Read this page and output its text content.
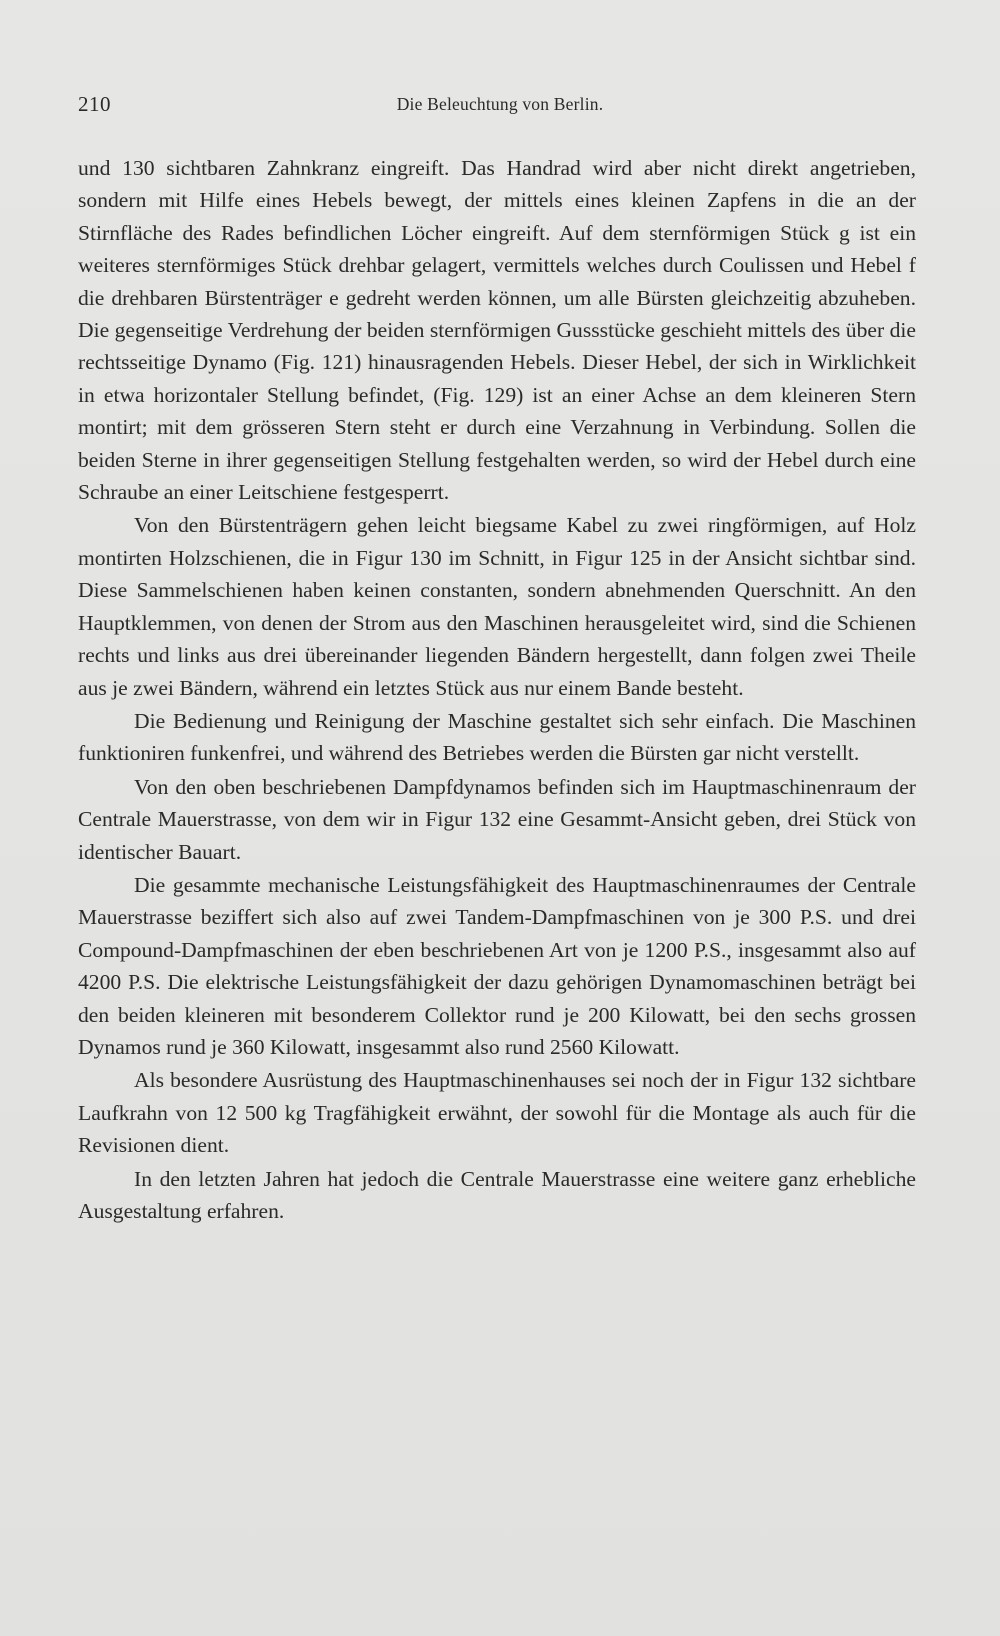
210	Die Beleuchtung von Berlin.

und 130 sichtbaren Zahnkranz eingreift. Das Handrad wird aber nicht direkt angetrieben, sondern mit Hilfe eines Hebels bewegt, der mittels eines kleinen Zapfens in die an der Stirnfläche des Rades befindlichen Löcher eingreift. Auf dem sternförmigen Stück g ist ein weiteres sternförmiges Stück drehbar gelagert, vermittels welches durch Coulissen und Hebel f die drehbaren Bürstenträger e gedreht werden können, um alle Bürsten gleichzeitig abzuheben. Die gegenseitige Verdrehung der beiden sternförmigen Gussstücke geschieht mittels des über die rechtsseitige Dynamo (Fig. 121) hinausragenden Hebels. Dieser Hebel, der sich in Wirklichkeit in etwa horizontaler Stellung befindet, (Fig. 129) ist an einer Achse an dem kleineren Stern montirt; mit dem grösseren Stern steht er durch eine Verzahnung in Verbindung. Sollen die beiden Sterne in ihrer gegenseitigen Stellung festgehalten werden, so wird der Hebel durch eine Schraube an einer Leitschiene festgesperrt.

Von den Bürstenträgern gehen leicht biegsame Kabel zu zwei ringförmigen, auf Holz montirten Holzschienen, die in Figur 130 im Schnitt, in Figur 125 in der Ansicht sichtbar sind. Diese Sammelschienen haben keinen constanten, sondern abnehmenden Querschnitt. An den Hauptklemmen, von denen der Strom aus den Maschinen herausgeleitet wird, sind die Schienen rechts und links aus drei übereinander liegenden Bändern hergestellt, dann folgen zwei Theile aus je zwei Bändern, während ein letztes Stück aus nur einem Bande besteht.

Die Bedienung und Reinigung der Maschine gestaltet sich sehr einfach. Die Maschinen funktioniren funkenfrei, und während des Betriebes werden die Bürsten gar nicht verstellt.

Von den oben beschriebenen Dampfdynamos befinden sich im Hauptmaschinenraum der Centrale Mauerstrasse, von dem wir in Figur 132 eine Gesammt-Ansicht geben, drei Stück von identischer Bauart.

Die gesammte mechanische Leistungsfähigkeit des Hauptmaschinenraumes der Centrale Mauerstrasse beziffert sich also auf zwei Tandem-Dampfmaschinen von je 300 P.S. und drei Compound-Dampfmaschinen der eben beschriebenen Art von je 1200 P.S., insgesammt also auf 4200 P.S. Die elektrische Leistungsfähigkeit der dazu gehörigen Dynamomaschinen beträgt bei den beiden kleineren mit besonderem Collektor rund je 200 Kilowatt, bei den sechs grossen Dynamos rund je 360 Kilowatt, insgesammt also rund 2560 Kilowatt.

Als besondere Ausrüstung des Hauptmaschinenhauses sei noch der in Figur 132 sichtbare Laufkrahn von 12 500 kg Tragfähigkeit erwähnt, der sowohl für die Montage als auch für die Revisionen dient.

In den letzten Jahren hat jedoch die Centrale Mauerstrasse eine weitere ganz erhebliche Ausgestaltung erfahren.
